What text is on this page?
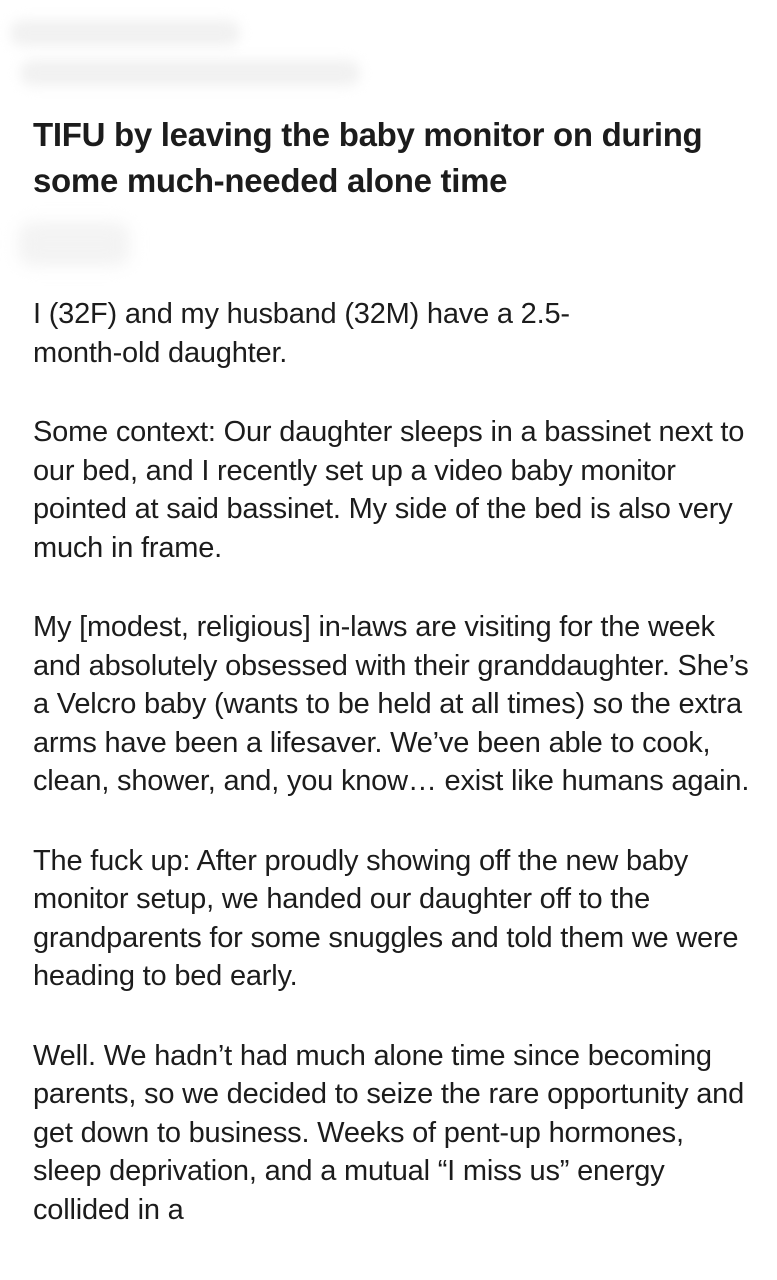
TIFU by leaving the baby monitor on during some much-needed alone time

I (32F) and my husband (32M) have a 2.5-month-old daughter.

Some context: Our daughter sleeps in a bassinet next to our bed, and I recently set up a video baby monitor pointed at said bassinet. My side of the bed is also very much in frame.

My [modest, religious] in-laws are visiting for the week and absolutely obsessed with their granddaughter. She’s a Velcro baby (wants to be held at all times) so the extra arms have been a lifesaver. We’ve been able to cook, clean, shower, and, you know… exist like humans again.

The fuck up: After proudly showing off the new baby monitor setup, we handed our daughter off to the grandparents for some snuggles and told them we were heading to bed early.

Well. We hadn’t had much alone time since becoming parents, so we decided to seize the rare opportunity and get down to business. Weeks of pent-up hormones, sleep deprivation, and a mutual “I miss us” energy collided in a
